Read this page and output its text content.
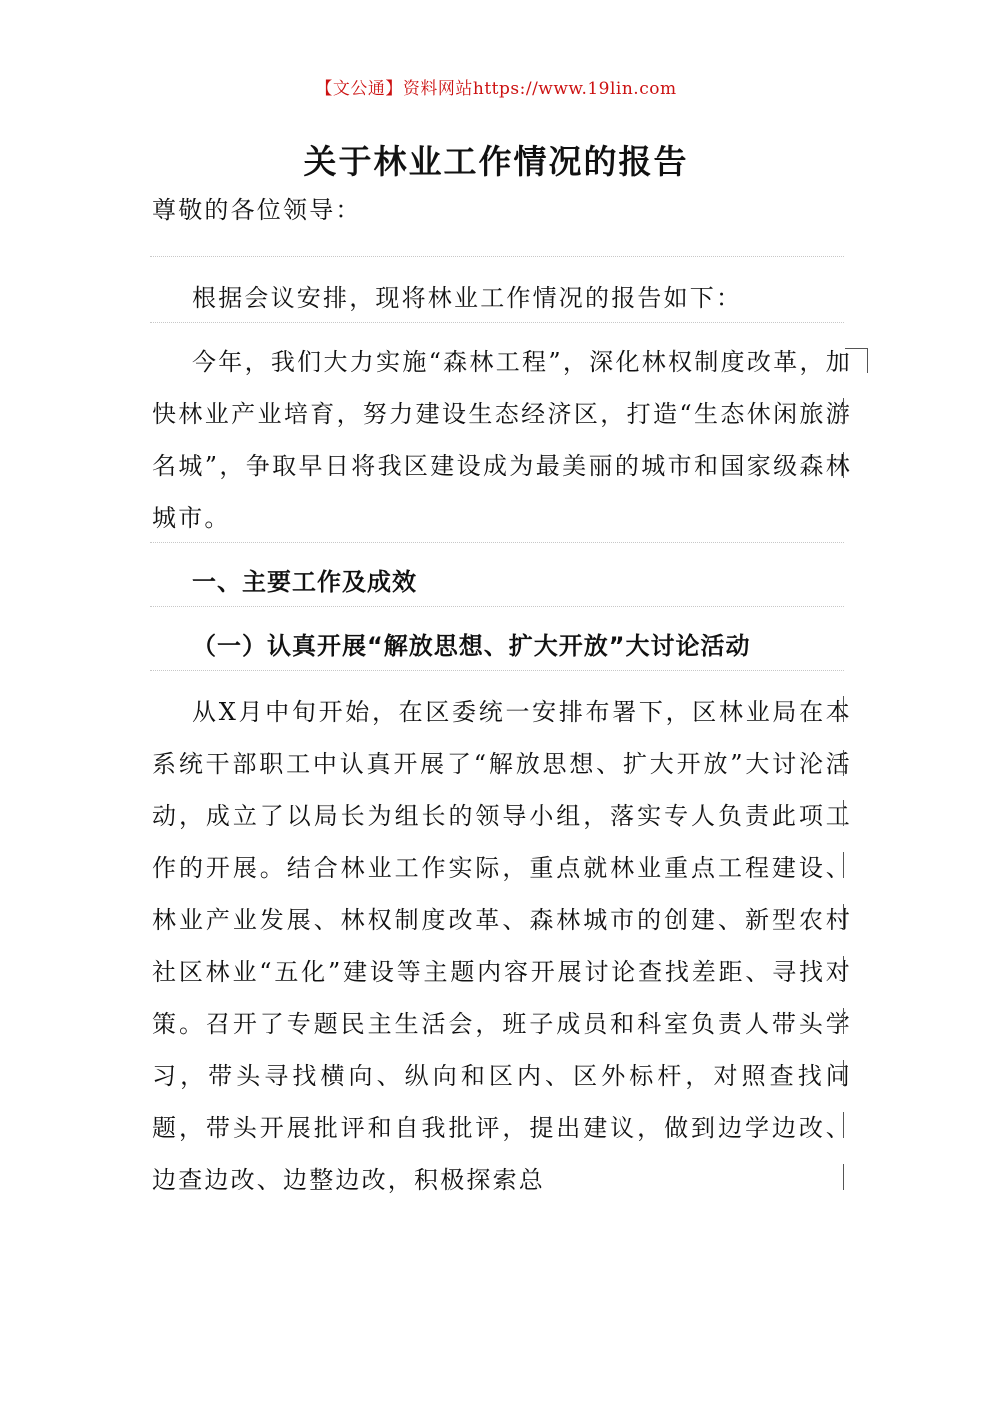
【文公通】资料网站https://www.19lin.com
关于林业工作情况的报告
尊敬的各位领导：
根据会议安排，现将林业工作情况的报告如下：
今年，我们大力实施“森林工程”，深化林权制度改革，加快林业产业培育，努力建设生态经济区，打造“生态休闲旅游名城”，争取早日将我区建设成为最美丽的城市和国家级森林城市。
一、主要工作及成效
（一）认真开展“解放思想、扩大开放”大讨论活动
从X月中旬开始，在区委统一安排布署下，区林业局在本系统干部职工中认真开展了“解放思想、扩大开放”大讨沦活动，成立了以局长为组长的领导小组，落实专人负责此项工作的开展。结合林业工作实际，重点就林业重点工程建设、林业产业发展、林权制度改革、森林城市的创建、新型农村社区林业“五化”建设等主题内容开展讨论查找差距、寻找对策。召开了专题民主生活会，班子成员和科室负责人带头学习，带头寻找横向、纵向和区内、区外标杆，对照查找问题，带头开展批评和自我批评，提出建议，做到边学边改、边查边改、边整边改，积极探索总
